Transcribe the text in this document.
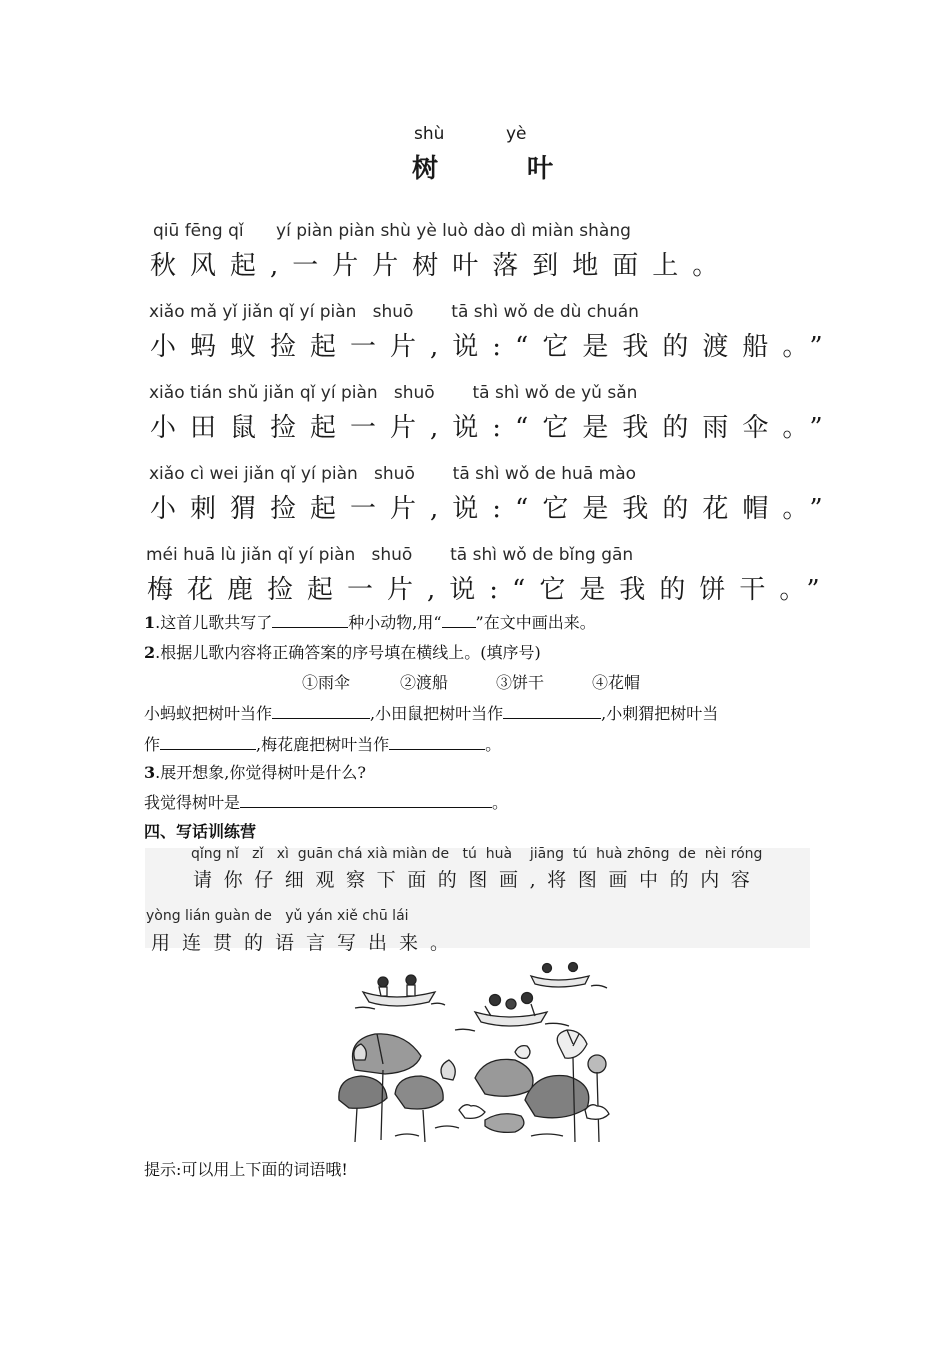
shù	yè
树 叶
qiū fēng qǐ      yí piàn piàn shù yè luò dào dì miàn shàng
秋风起,一片片树叶落到地面上。
xiǎo mǎ yǐ jiǎn qǐ yí piàn   shuō       tā shì wǒ de dù chuán
小蚂蚁捡起一片,说:“它是我的渡船。”
xiǎo tián shǔ jiǎn qǐ yí piàn   shuō       tā shì wǒ de yǔ sǎn
小田鼠捡起一片,说:“它是我的雨伞。”
xiǎo cì wei jiǎn qǐ yí piàn   shuō       tā shì wǒ de huā mào
小刺猬捡起一片,说:“它是我的花帽。”
méi huā lù jiǎn qǐ yí piàn   shuō       tā shì wǒ de bǐng gān
梅花鹿捡起一片,说:“它是我的饼干。”
1.这首儿歌共写了	种小动物,用“ ”在文中画出来。
2.根据儿歌内容将正确答案的序号填在横线上。(填序号)
①雨伞	②渡船	③饼干	④花帽
小蚂蚁把树叶当作	,小田鼠把树叶当作	,小刺猬把树叶当
作	,梅花鹿把树叶当作	。
3.展开想象,你觉得树叶是什么?
我觉得树叶是	。
四、写话训练营
qǐng nǐ   zǐ   xì  guān chá xià miàn de   tú  huà    jiāng  tú  huà zhōng  de  nèi róng
请你仔细观察下面的图画,将图画中的内容
yòng lián guàn de   yǔ yán xiě chū lái
用连贯的语言写出来。
提示:可以用上下面的词语哦!
